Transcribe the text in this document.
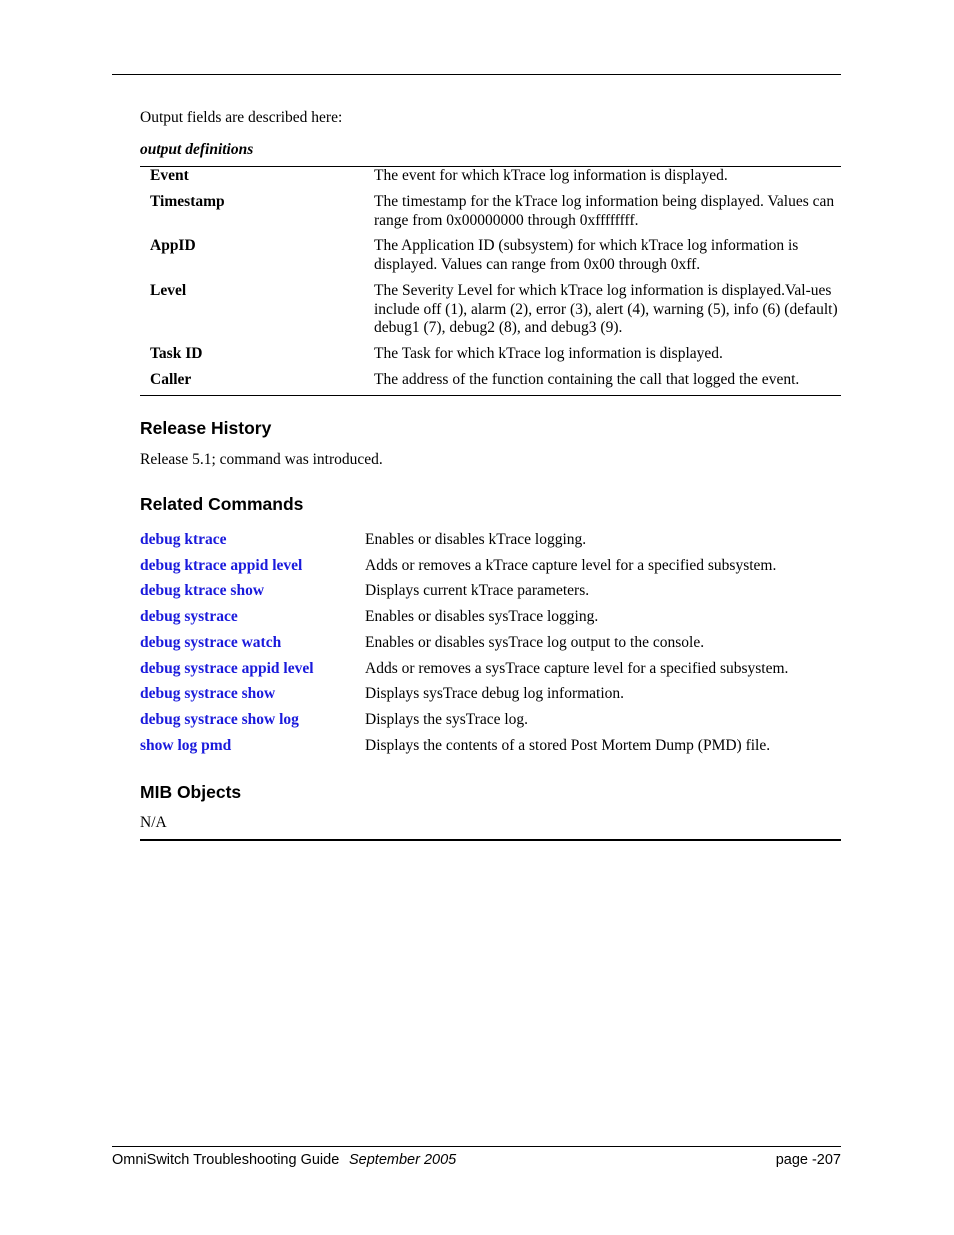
Output fields are described here:
output definitions
Event	The event for which kTrace log information is displayed.
Timestamp	The timestamp for the kTrace log information being displayed. Values can range from 0x00000000 through 0xffffffff.
AppID	The Application ID (subsystem) for which kTrace log information is displayed. Values can range from 0x00 through 0xff.
Level	The Severity Level for which kTrace log information is displayed.Val-ues include off (1), alarm (2), error (3), alert (4), warning (5), info (6) (default) debug1 (7), debug2 (8), and debug3 (9).
Task ID	The Task for which kTrace log information is displayed.
Caller	The address of the function containing the call that logged the event.
Release History
Release 5.1; command was introduced.
Related Commands
debug ktrace	Enables or disables kTrace logging.
debug ktrace appid level	Adds or removes a kTrace capture level for a specified subsystem.
debug ktrace show	Displays current kTrace parameters.
debug systrace	Enables or disables sysTrace logging.
debug systrace watch	Enables or disables sysTrace log output to the console.
debug systrace appid level	Adds or removes a sysTrace capture level for a specified subsystem.
debug systrace show	Displays sysTrace debug log information.
debug systrace show log	Displays the sysTrace log.
show log pmd	Displays the contents of a stored Post Mortem Dump (PMD) file.
MIB Objects
N/A
OmniSwitch Troubleshooting Guide September 2005	page -207
